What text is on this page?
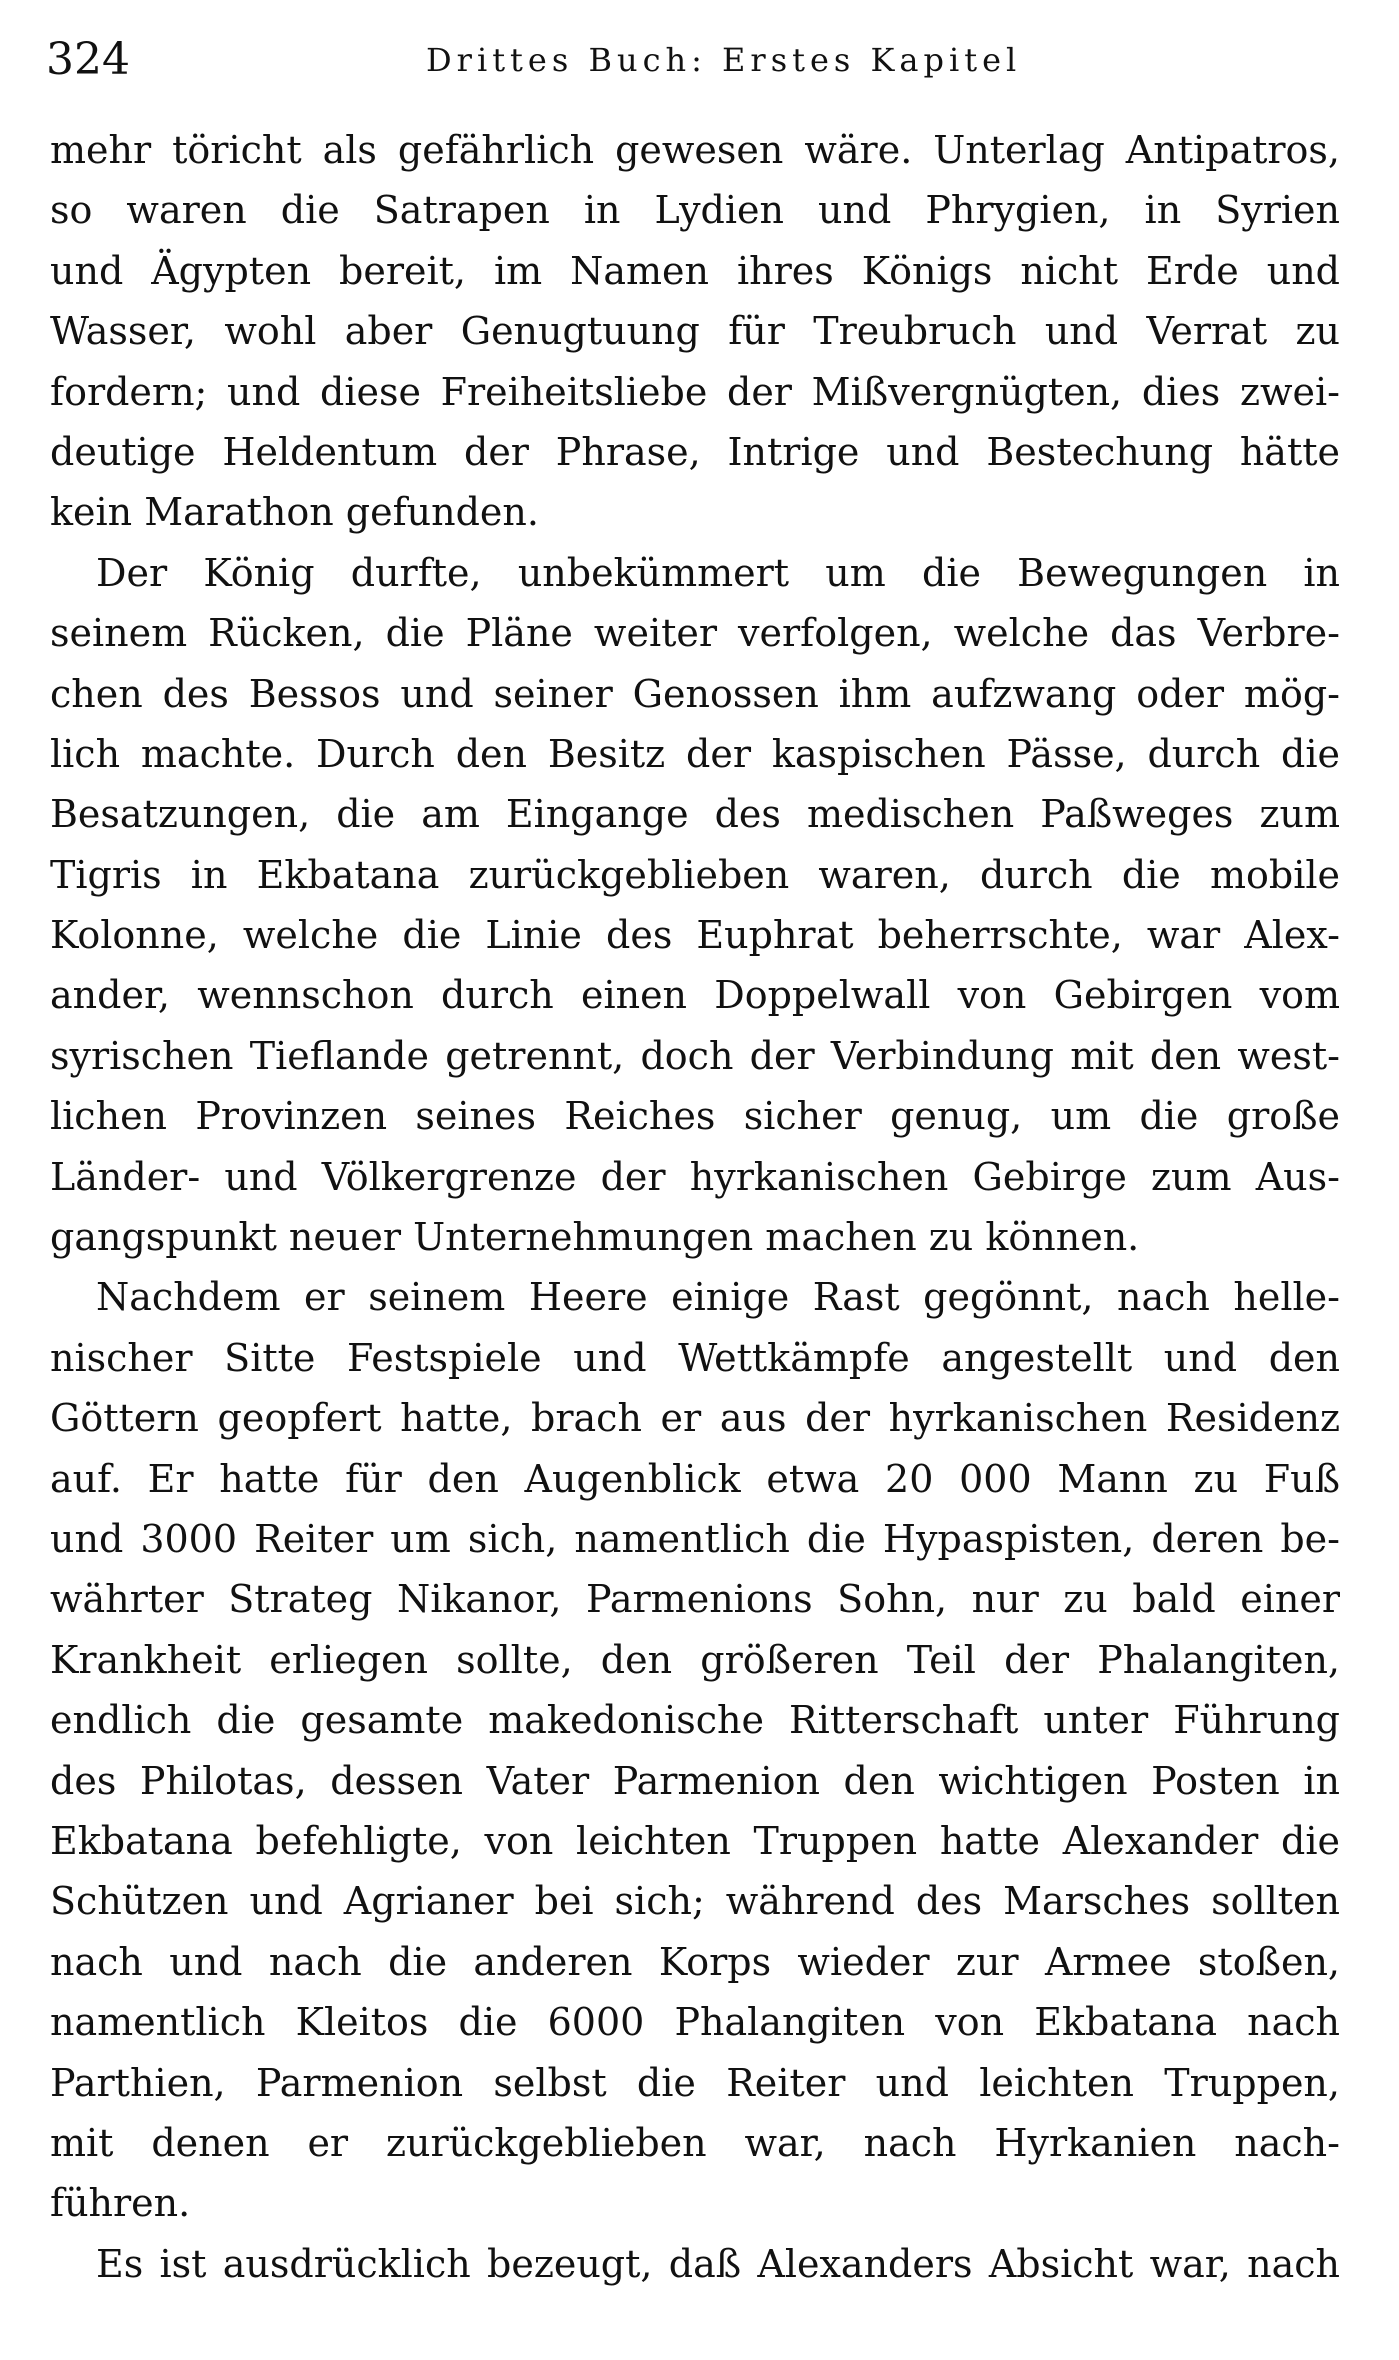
324	Drittes Buch: Erstes Kapitel
mehr töricht als gefährlich gewesen wäre. Unterlag Antipatros,
so waren die Satrapen in Lydien und Phrygien, in Syrien
und Ägypten bereit, im Namen ihres Königs nicht Erde und
Wasser, wohl aber Genugtuung für Treubruch und Verrat zu
fordern; und diese Freiheitsliebe der Mißvergnügten, dies zwei-
deutige Heldentum der Phrase, Intrige und Bestechung hätte
kein Marathon gefunden.
Der König durfte, unbekümmert um die Bewegungen in
seinem Rücken, die Pläne weiter verfolgen, welche das Verbre-
chen des Bessos und seiner Genossen ihm aufzwang oder mög-
lich machte. Durch den Besitz der kaspischen Pässe, durch die
Besatzungen, die am Eingange des medischen Paßweges zum
Tigris in Ekbatana zurückgeblieben waren, durch die mobile
Kolonne, welche die Linie des Euphrat beherrschte, war Alex-
ander, wennschon durch einen Doppelwall von Gebirgen vom
syrischen Tieflande getrennt, doch der Verbindung mit den west-
lichen Provinzen seines Reiches sicher genug, um die große
Länder- und Völkergrenze der hyrkanischen Gebirge zum Aus-
gangspunkt neuer Unternehmungen machen zu können.
Nachdem er seinem Heere einige Rast gegönnt, nach helle-
nischer Sitte Festspiele und Wettkämpfe angestellt und den
Göttern geopfert hatte, brach er aus der hyrkanischen Residenz
auf. Er hatte für den Augenblick etwa 20 000 Mann zu Fuß
und 3000 Reiter um sich, namentlich die Hypaspisten, deren be-
währter Strateg Nikanor, Parmenions Sohn, nur zu bald einer
Krankheit erliegen sollte, den größeren Teil der Phalangiten,
endlich die gesamte makedonische Ritterschaft unter Führung
des Philotas, dessen Vater Parmenion den wichtigen Posten in
Ekbatana befehligte, von leichten Truppen hatte Alexander die
Schützen und Agrianer bei sich; während des Marsches sollten
nach und nach die anderen Korps wieder zur Armee stoßen,
namentlich Kleitos die 6000 Phalangiten von Ekbatana nach
Parthien, Parmenion selbst die Reiter und leichten Truppen,
mit denen er zurückgeblieben war, nach Hyrkanien nach-
führen.
Es ist ausdrücklich bezeugt, daß Alexanders Absicht war, nach
